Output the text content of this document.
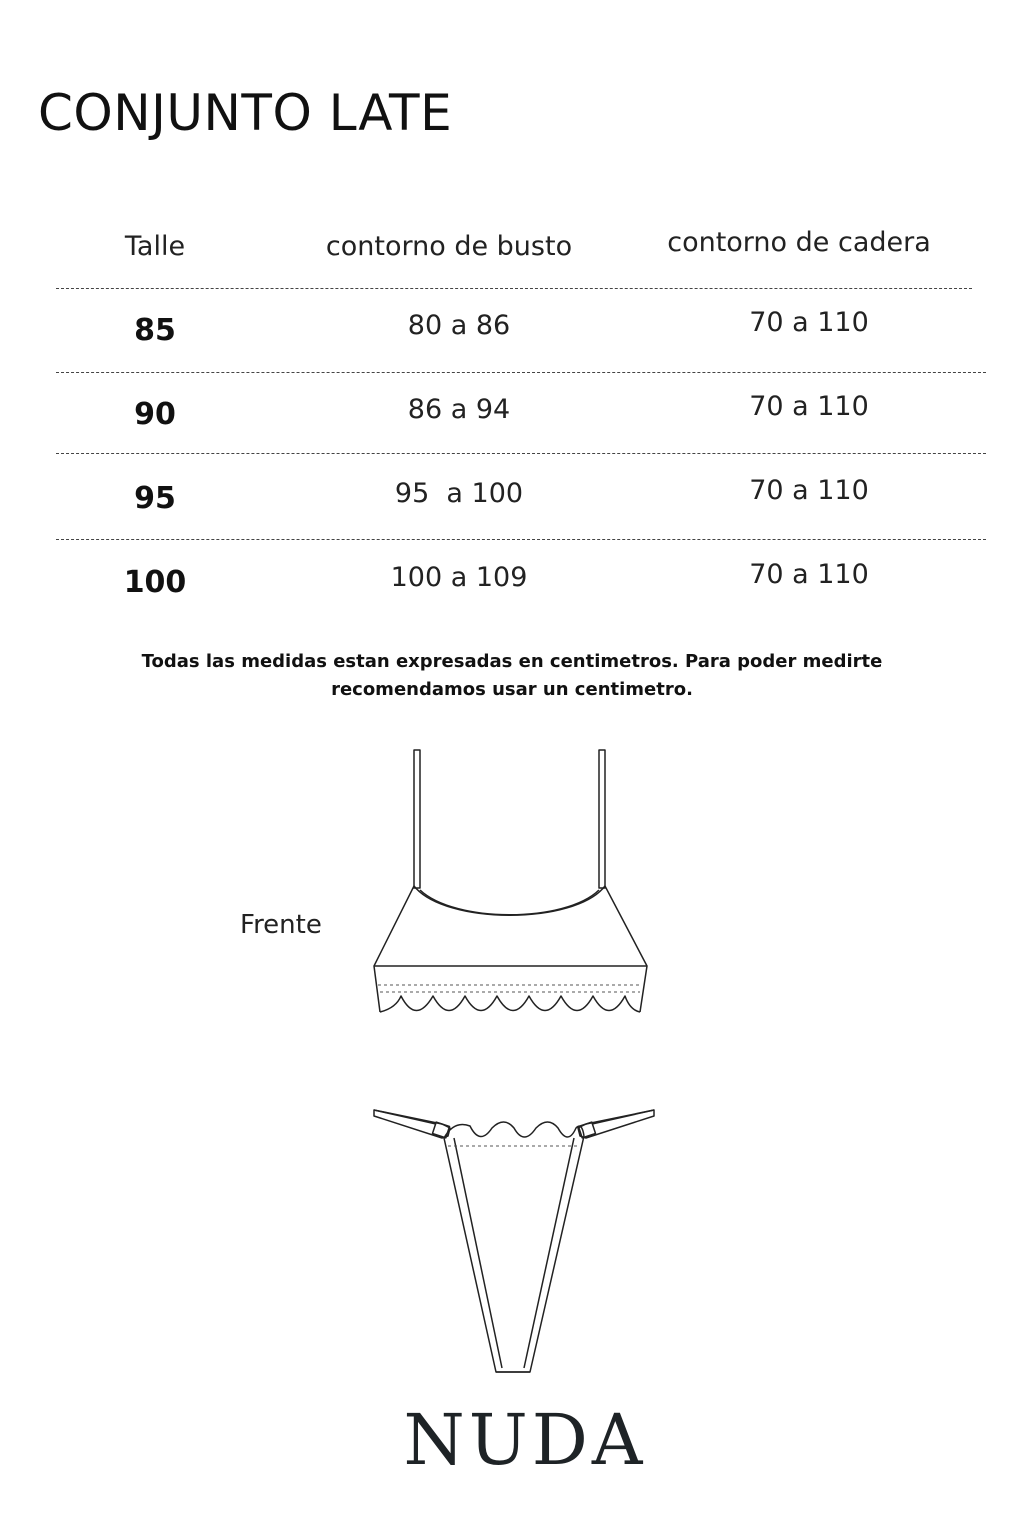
CONJUNTO LATE
Talle	contorno de busto	contorno de cadera
85	80 a 86	70 a 110
90	86 a 94	70 a 110
95	95  a 100	70 a 110
100	100 a 109	70 a 110
Todas las medidas estan expresadas en centimetros. Para poder medirte
recomendamos usar un centimetro.
Frente
NUDA
